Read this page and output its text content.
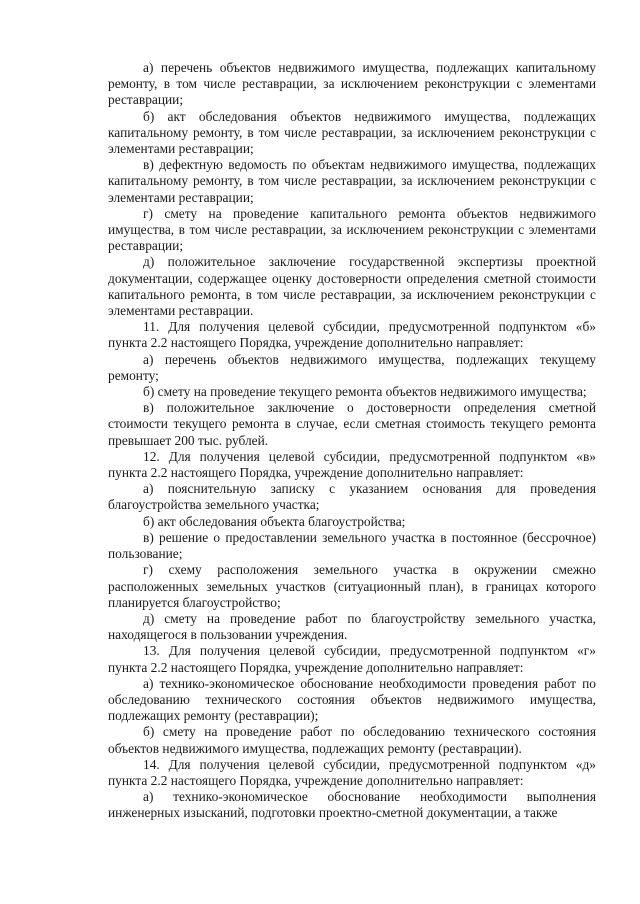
а) перечень объектов недвижимого имущества, подлежащих капитальному ремонту, в том числе реставрации, за исключением реконструкции с элементами реставрации;

б) акт обследования объектов недвижимого имущества, подлежащих капитальному ремонту, в том числе реставрации, за исключением реконструкции с элементами реставрации;

в) дефектную ведомость по объектам недвижимого имущества, подлежащих капитальному ремонту, в том числе реставрации, за исключением реконструкции с элементами реставрации;

г) смету на проведение капитального ремонта объектов недвижимого имущества, в том числе реставрации, за исключением реконструкции с элементами реставрации;

д) положительное заключение государственной экспертизы проектной документации, содержащее оценку достоверности определения сметной стоимости капитального ремонта, в том числе реставрации, за исключением реконструкции с элементами реставрации.

11. Для получения целевой субсидии, предусмотренной подпунктом «б» пункта 2.2 настоящего Порядка, учреждение дополнительно направляет:

а) перечень объектов недвижимого имущества, подлежащих текущему ремонту;

б) смету на проведение текущего ремонта объектов недвижимого имущества;

в) положительное заключение о достоверности определения сметной стоимости текущего ремонта в случае, если сметная стоимость текущего ремонта превышает 200 тыс. рублей.

12. Для получения целевой субсидии, предусмотренной подпунктом «в» пункта 2.2 настоящего Порядка, учреждение дополнительно направляет:

а) пояснительную записку с указанием основания для проведения благоустройства земельного участка;

б) акт обследования объекта благоустройства;

в) решение о предоставлении земельного участка в постоянное (бессрочное) пользование;

г) схему расположения земельного участка в окружении смежно расположенных земельных участков (ситуационный план), в границах которого планируется благоустройство;

д) смету на проведение работ по благоустройству земельного участка, находящегося в пользовании учреждения.

13. Для получения целевой субсидии, предусмотренной подпунктом «г» пункта 2.2 настоящего Порядка, учреждение дополнительно направляет:

а) технико-экономическое обоснование необходимости проведения работ по обследованию технического состояния объектов недвижимого имущества, подлежащих ремонту (реставрации);

б) смету на проведение работ по обследованию технического состояния объектов недвижимого имущества, подлежащих ремонту (реставрации).

14. Для получения целевой субсидии, предусмотренной подпунктом «д» пункта 2.2 настоящего Порядка, учреждение дополнительно направляет:

а) технико-экономическое обоснование необходимости выполнения инженерных изысканий, подготовки проектно-сметной документации, а также
